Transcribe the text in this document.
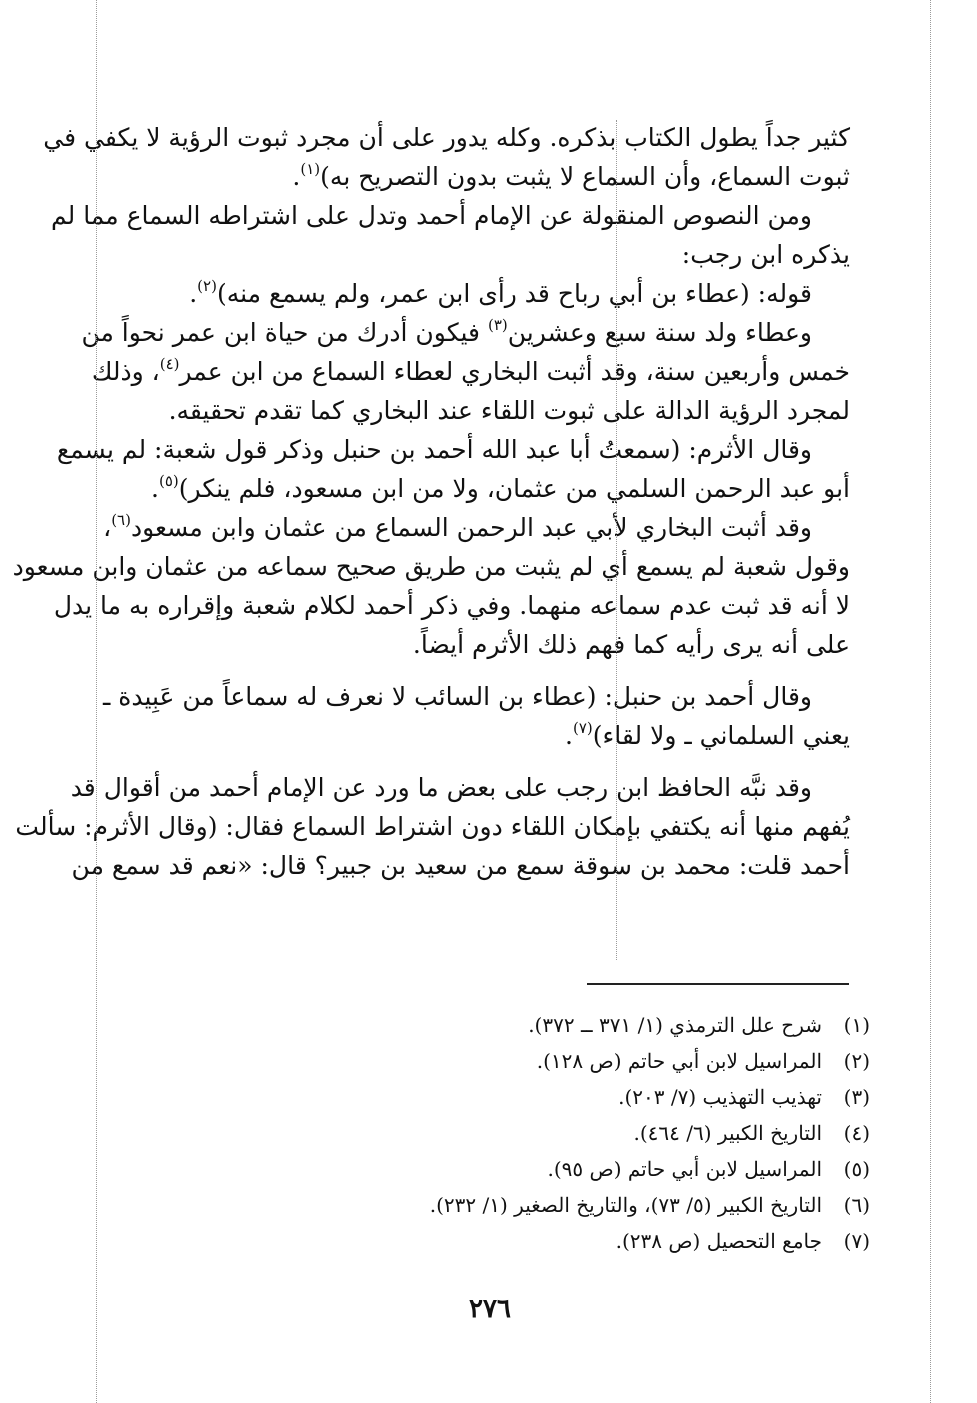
كثير جداً يطول الكتاب بذكره. وكله يدور على أن مجرد ثبوت الرؤية لا يكفي في
ثبوت السماع، وأن السماع لا يثبت بدون التصريح به)$^{(١)}$.
ومن النصوص المنقولة عن الإمام أحمد وتدل على اشتراطه السماع مما لم
يذكره ابن رجب:
قوله: (عطاء بن أبي رباح قد رأى ابن عمر، ولم يسمع منه)$^{(٢)}$.
وعطاء ولد سنة سبع وعشرين$^{(٣)}$ فيكون أدرك من حياة ابن عمر نحواً من
خمس وأربعين سنة، وقد أثبت البخاري لعطاء السماع من ابن عمر$^{(٤)}$، وذلك
لمجرد الرؤية الدالة على ثبوت اللقاء عند البخاري كما تقدم تحقيقه.
وقال الأثرم: (سمعتُ أبا عبد الله أحمد بن حنبل وذكر قول شعبة: لم يسمع
أبو عبد الرحمن السلمي من عثمان، ولا من ابن مسعود، فلم ينكر)$^{(٥)}$.
وقد أثبت البخاري لأبي عبد الرحمن السماع من عثمان وابن مسعود$^{(٦)}$،
وقول شعبة لم يسمع أي لم يثبت من طريق صحيح سماعه من عثمان وابن مسعود
لا أنه قد ثبت عدم سماعه منهما. وفي ذكر أحمد لكلام شعبة وإقراره به ما يدل
على أنه يرى رأيه كما فهم ذلك الأثرم أيضاً.
وقال أحمد بن حنبل: (عطاء بن السائب لا نعرف له سماعاً من عَبِيدة ـ
يعني السلماني ـ ولا لقاء)$^{(٧)}$.
وقد نبَّه الحافظ ابن رجب على بعض ما ورد عن الإمام أحمد من أقوال قد
يُفهم منها أنه يكتفي بإمكان اللقاء دون اشتراط السماع فقال: (وقال الأثرم: سألت
أحمد قلت: محمد بن سوقة سمع من سعيد بن جبير؟ قال: «نعم قد سمع من
(١)شرح علل الترمذي (١/ ٣٧١ ــ ٣٧٢).
(٢)المراسيل لابن أبي حاتم (ص ١٢٨).
(٣)تهذيب التهذيب (٧/ ٢٠٣).
(٤)التاريخ الكبير (٦/ ٤٦٤).
(٥)المراسيل لابن أبي حاتم (ص ٩٥).
(٦)التاريخ الكبير (٥/ ٧٣)، والتاريخ الصغير (١/ ٢٣٢).
(٧)جامع التحصيل (ص ٢٣٨).
٢٧٦
